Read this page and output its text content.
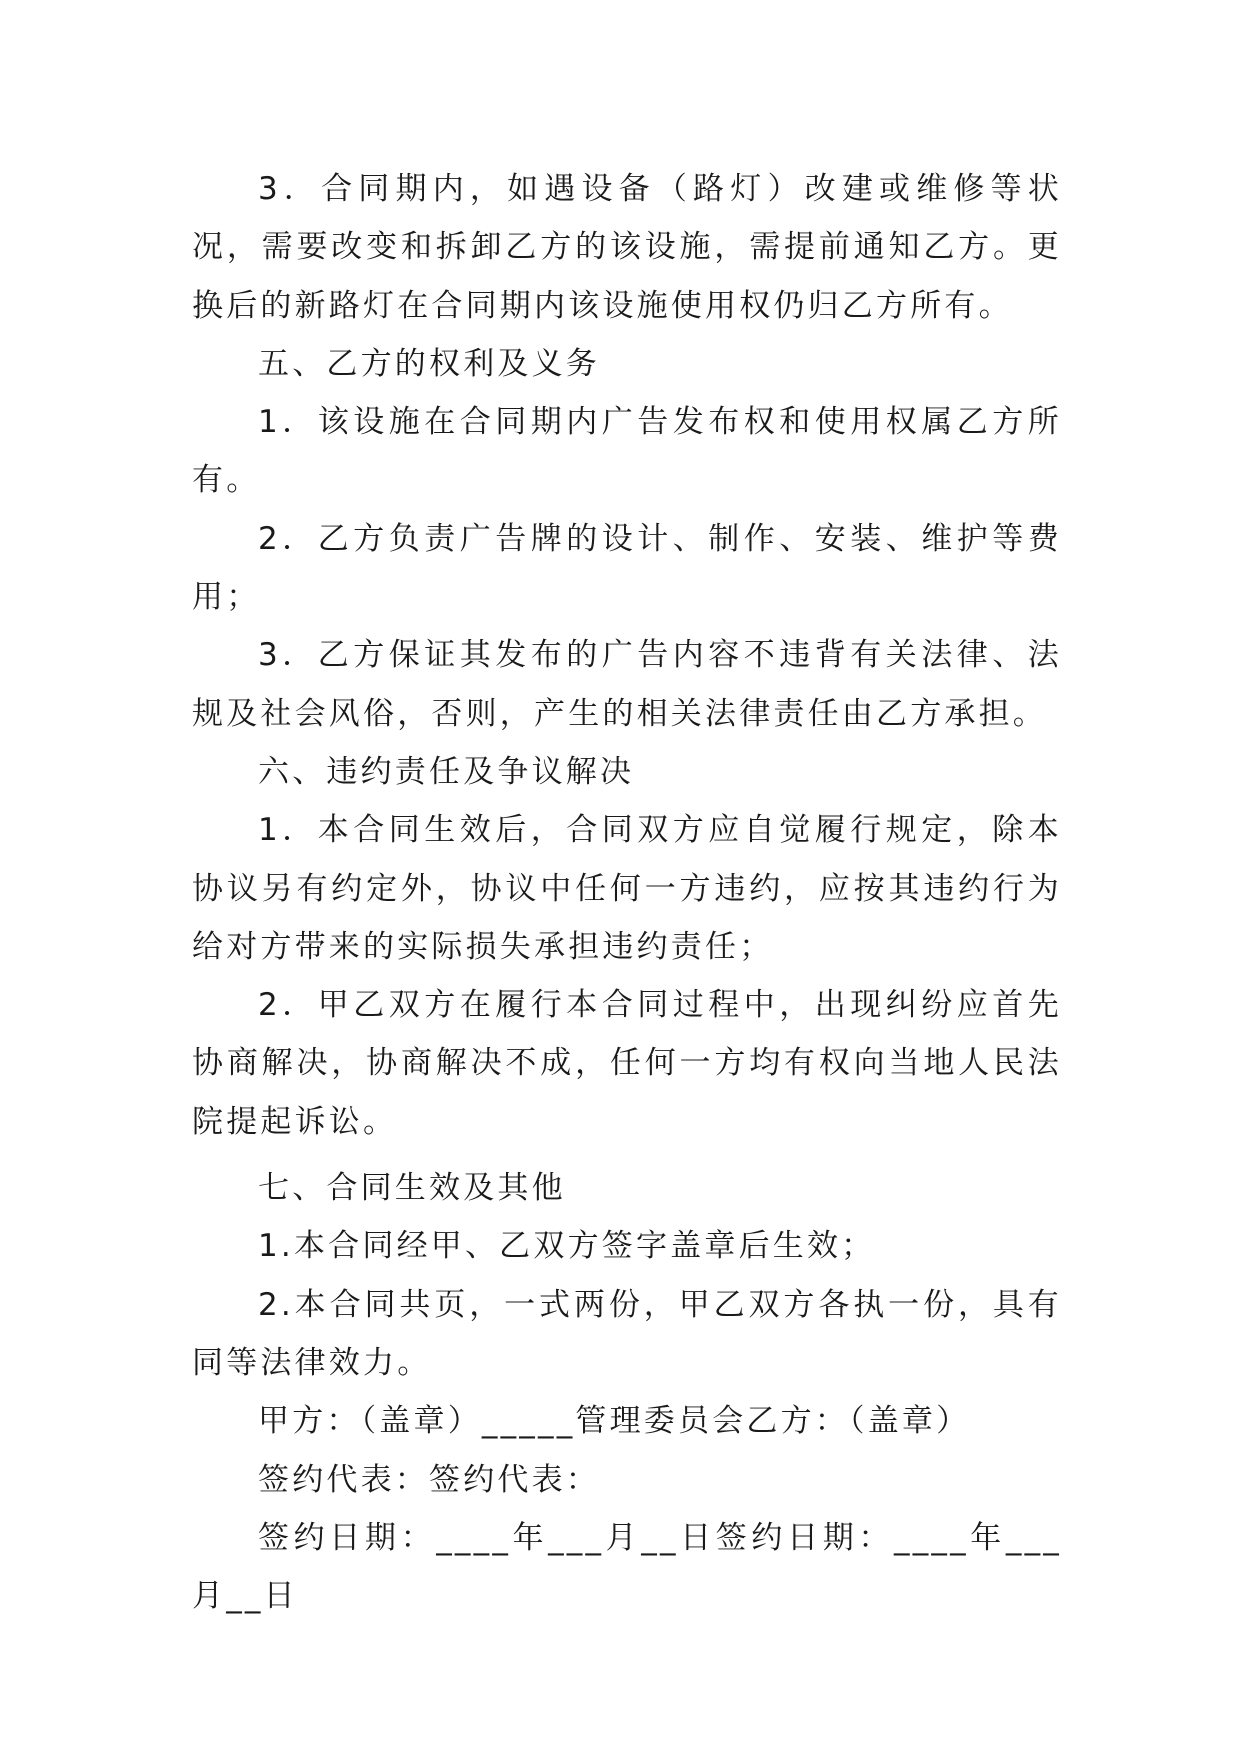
3．合同期内，如遇设备（路灯）改建或维修等状况，需要改变和拆卸乙方的该设施，需提前通知乙方。更换后的新路灯在合同期内该设施使用权仍归乙方所有。

五、乙方的权利及义务

1．该设施在合同期内广告发布权和使用权属乙方所有。

2．乙方负责广告牌的设计、制作、安装、维护等费用；

3．乙方保证其发布的广告内容不违背有关法律、法规及社会风俗，否则，产生的相关法律责任由乙方承担。

六、违约责任及争议解决

1．本合同生效后，合同双方应自觉履行规定，除本协议另有约定外，协议中任何一方违约，应按其违约行为给对方带来的实际损失承担违约责任；

2．甲乙双方在履行本合同过程中，出现纠纷应首先协商解决，协商解决不成，任何一方均有权向当地人民法院提起诉讼。

七、合同生效及其他

1.本合同经甲、乙双方签字盖章后生效；

2.本合同共页，一式两份，甲乙双方各执一份，具有同等法律效力。

甲方：（盖章）_____管理委员会乙方：（盖章）

签约代表：签约代表：

签约日期：____年___月__日签约日期：____年___月__日
